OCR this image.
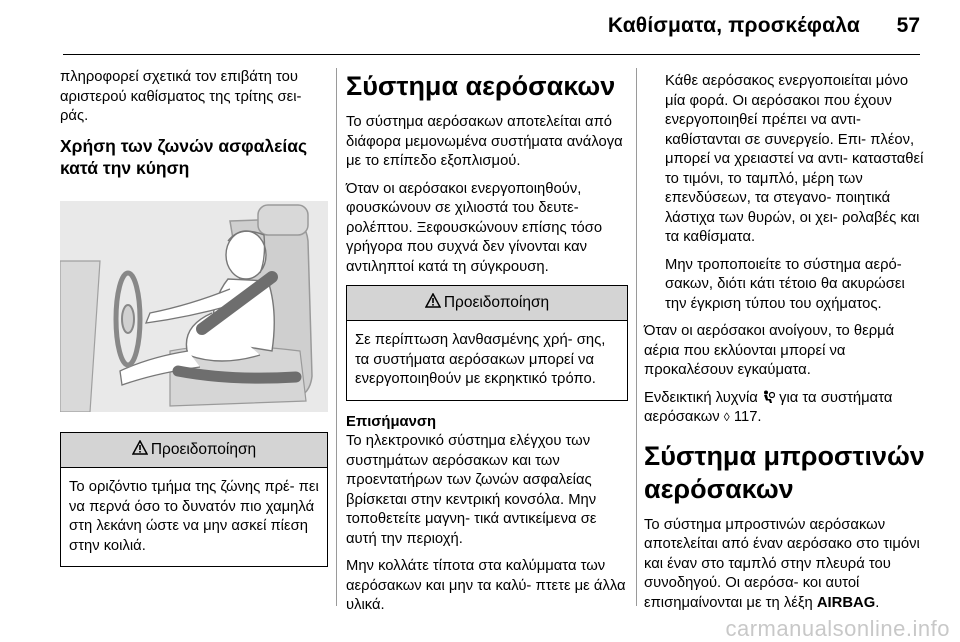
Καθίσματα, προσκέφαλα	57

πληροφορεί σχετικά τον επιβάτη του αριστερού καθίσματος της τρίτης σει- ράς.

Χρήση των ζωνών ασφαλείας κατά την κύηση
Προειδοποίηση
Το οριζόντιο τμήμα της ζώνης πρέ- πει να περνά όσο το δυνατόν πιο χαμηλά στη λεκάνη ώστε να μην ασκεί πίεση στην κοιλιά.
Σύστημα αερόσακων

Το σύστημα αερόσακων αποτελείται από διάφορα μεμονωμένα συστήματα ανάλογα με το επίπεδο εξοπλισμού.

Όταν οι αερόσακοι ενεργοποιηθούν, φουσκώνουν σε χιλιοστά του δευτε- ρολέπτου. Ξεφουσκώνουν επίσης τόσο γρήγορα που συχνά δεν γίνονται καν αντιληπτοί κατά τη σύγκρουση.

Προειδοποίηση
Σε περίπτωση λανθασμένης χρή- σης, τα συστήματα αερόσακων μπορεί να ενεργοποιηθούν με εκρηκτικό τρόπο.
Επισήμανση

Το ηλεκτρονικό σύστημα ελέγχου των συστημάτων αερόσακων και των προεντατήρων των ζωνών ασφαλείας βρίσκεται στην κεντρική κονσόλα. Μην τοποθετείτε μαγνη- τικά αντικείμενα σε αυτή την περιοχή.

Μην κολλάτε τίποτα στα καλύμματα των αερόσακων και μην τα καλύ- πτετε με άλλα υλικά.

Κάθε αερόσακος ενεργοποιείται μόνο μία φορά. Οι αερόσακοι που έχουν ενεργοποιηθεί πρέπει να αντι- καθίστανται σε συνεργείο. Επι- πλέον, μπορεί να χρειαστεί να αντι- κατασταθεί το τιμόνι, το ταμπλό, μέρη των επενδύσεων, τα στεγανο- ποιητικά λάστιχα των θυρών, οι χει- ρολαβές και τα καθίσματα.

Μην τροποποιείτε το σύστημα αερό- σακων, διότι κάτι τέτοιο θα ακυρώσει την έγκριση τύπου του οχήματος.

Όταν οι αερόσακοι ανοίγουν, το θερμά αέρια που εκλύονται μπορεί να προκαλέσουν εγκαύματα.

Ενδεικτική λυχνία για τα συστήματα αερόσακων ◊ 117.

Σύστημα μπροστινών αερόσακων

Το σύστημα μπροστινών αερόσακων αποτελείται από έναν αερόσακο στο τιμόνι και έναν στο ταμπλό στην πλευρά του συνοδηγού. Οι αερόσα- κοι αυτοί επισημαίνονται με τη λέξη AIRBAG.

carmanualsonline.info
